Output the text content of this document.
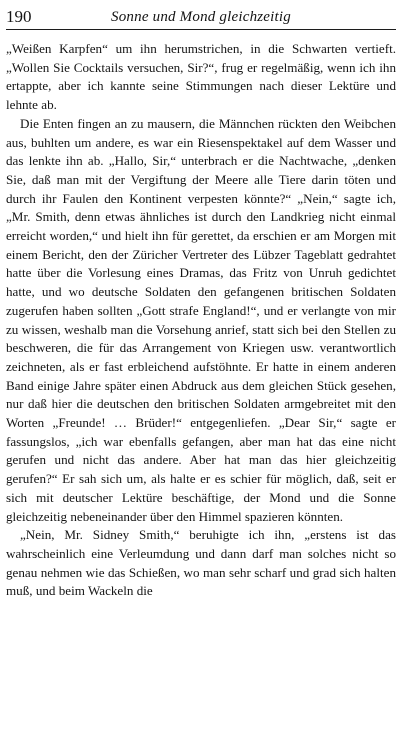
190	Sonne und Mond gleichzeitig

„Weißen Karpfen“ um ihn herumstrichen, in die Schwarten vertieft. „Wollen Sie Cocktails versuchen, Sir?“, frug er regelmäßig, wenn ich ihn ertappte, aber ich kannte seine Stimmungen nach dieser Lektüre und lehnte ab.

Die Enten fingen an zu mausern, die Männchen rückten den Weibchen aus, buhlten um andere, es war ein Riesenspektakel auf dem Wasser und das lenkte ihn ab. „Hallo, Sir,“ unterbrach er die Nachtwache, „denken Sie, daß man mit der Vergiftung der Meere alle Tiere darin töten und durch ihr Faulen den Kontinent verpesten könnte?“ „Nein,“ sagte ich, „Mr. Smith, denn etwas ähnliches ist durch den Landkrieg nicht einmal erreicht worden,“ und hielt ihn für gerettet, da erschien er am Morgen mit einem Bericht, den der Züricher Vertreter des Lübzer Tageblatt gedrahtet hatte über die Vorlesung eines Dramas, das Fritz von Unruh gedichtet hatte, und wo deutsche Soldaten den gefangenen britischen Soldaten zugerufen haben sollten „Gott strafe England!“, und er verlangte von mir zu wissen, weshalb man die Vorsehung anrief, statt sich bei den Stellen zu beschweren, die für das Arrangement von Kriegen usw. verantwortlich zeichneten, als er fast erbleichend aufstöhnte. Er hatte in einem anderen Band einige Jahre später einen Abdruck aus dem gleichen Stück gesehen, nur daß hier die deutschen den britischen Soldaten armgebreitet mit den Worten „Freunde! … Brüder!“ entgegenliefen. „Dear Sir,“ sagte er fassungslos, „ich war ebenfalls gefangen, aber man hat das eine nicht gerufen und nicht das andere. Aber hat man das hier gleichzeitig gerufen?“ Er sah sich um, als halte er es schier für möglich, daß, seit er sich mit deutscher Lektüre beschäftige, der Mond und die Sonne gleichzeitig nebeneinander über den Himmel spazieren könnten.

„Nein, Mr. Sidney Smith,“ beruhigte ich ihn, „erstens ist das wahrscheinlich eine Verleumdung und dann darf man solches nicht so genau nehmen wie das Schießen, wo man sehr scharf und grad sich halten muß, und beim Wackeln die
